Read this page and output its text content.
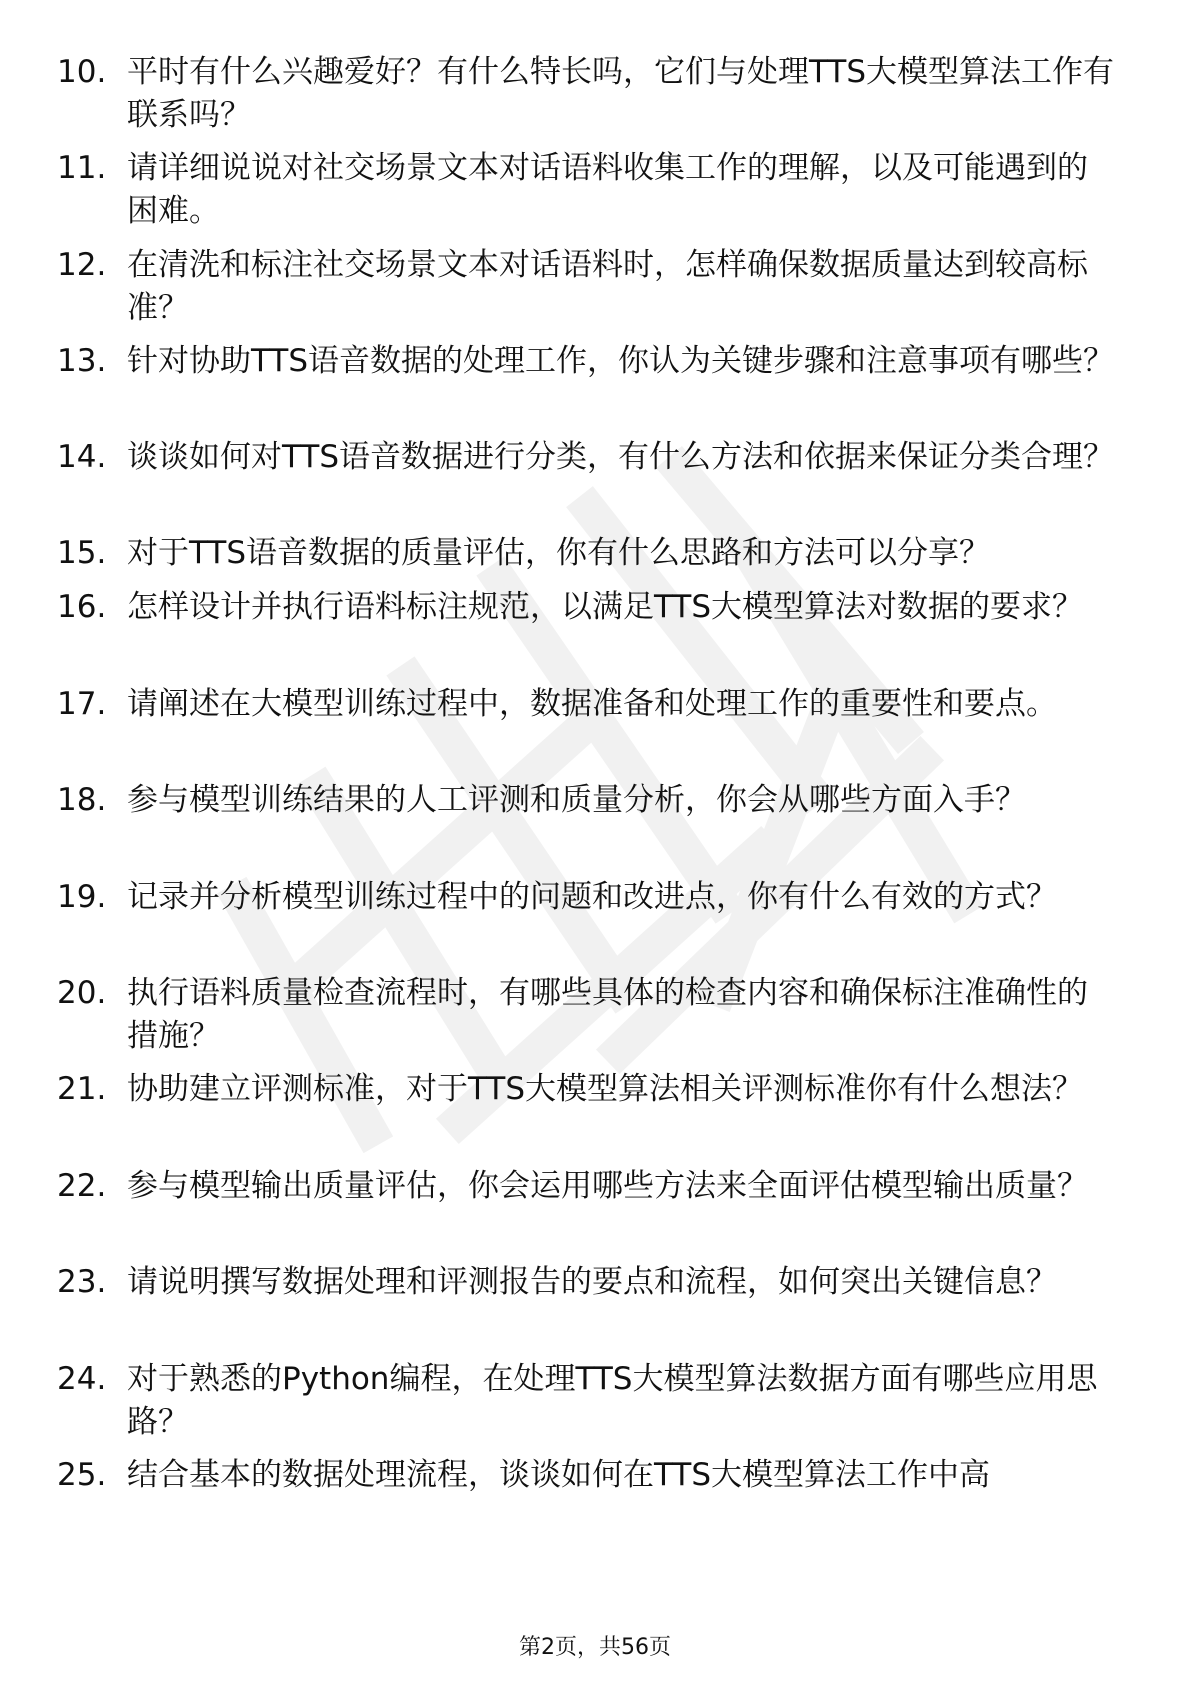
10. 平时有什么兴趣爱好？有什么特长吗，它们与处理TTS大模型算法工作有联系吗？
11. 请详细说说对社交场景文本对话语料收集工作的理解，以及可能遇到的困难。
12. 在清洗和标注社交场景文本对话语料时，怎样确保数据质量达到较高标准？
13. 针对协助TTS语音数据的处理工作，你认为关键步骤和注意事项有哪些？
14. 谈谈如何对TTS语音数据进行分类，有什么方法和依据来保证分类合理？
15. 对于TTS语音数据的质量评估，你有什么思路和方法可以分享？
16. 怎样设计并执行语料标注规范，以满足TTS大模型算法对数据的要求？
17. 请阐述在大模型训练过程中，数据准备和处理工作的重要性和要点。
18. 参与模型训练结果的人工评测和质量分析，你会从哪些方面入手？
19. 记录并分析模型训练过程中的问题和改进点，你有什么有效的方式？
20. 执行语料质量检查流程时，有哪些具体的检查内容和确保标注准确性的措施？
21. 协助建立评测标准，对于TTS大模型算法相关评测标准你有什么想法？
22. 参与模型输出质量评估，你会运用哪些方法来全面评估模型输出质量？
23. 请说明撰写数据处理和评测报告的要点和流程，如何突出关键信息？
24. 对于熟悉的Python编程，在处理TTS大模型算法数据方面有哪些应用思路？
25. 结合基本的数据处理流程，谈谈如何在TTS大模型算法工作中高
第2页，共56页
